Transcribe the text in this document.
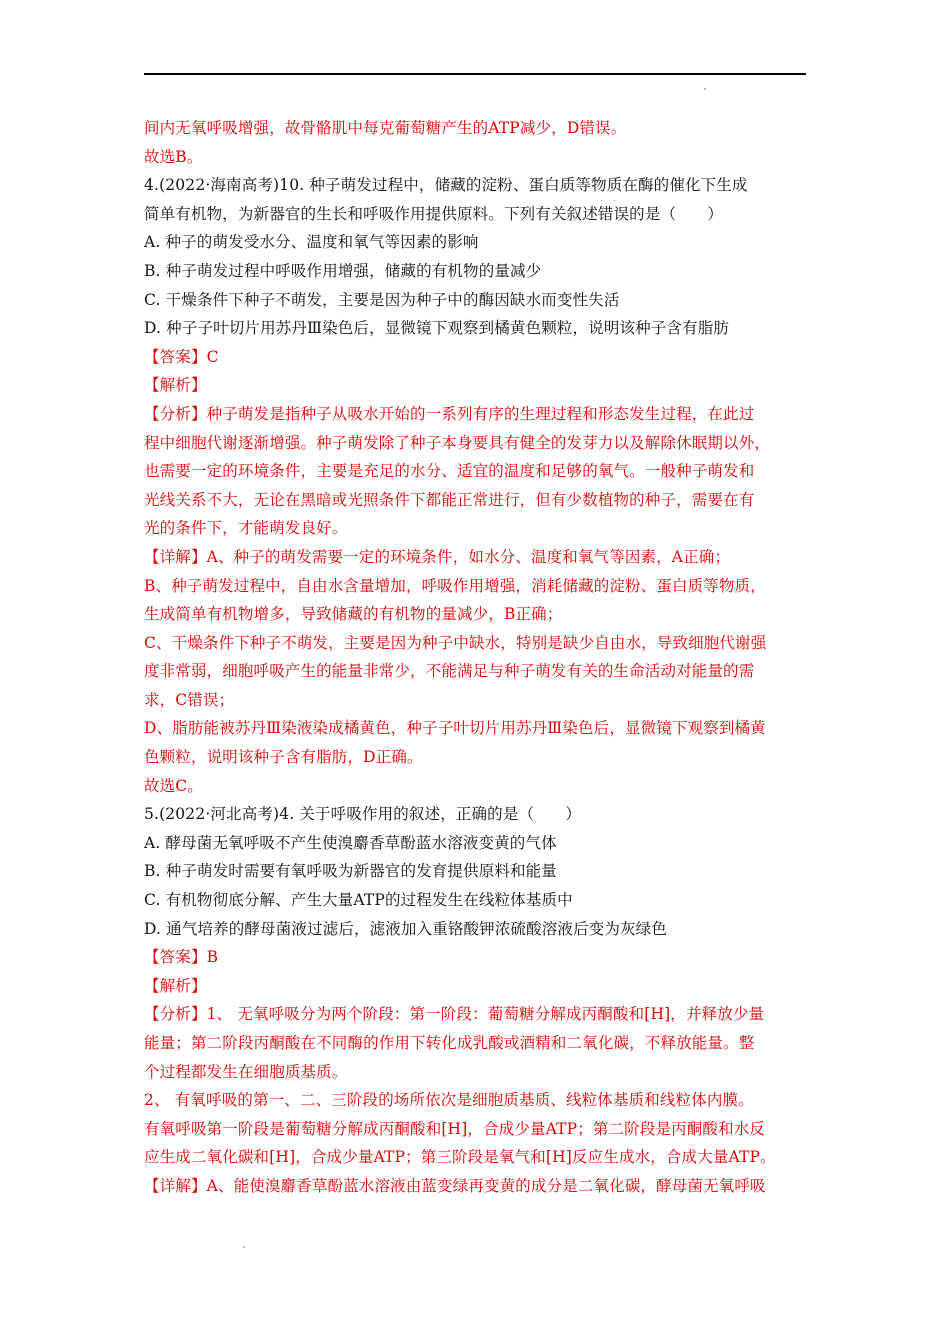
间内无氧呼吸增强，故骨骼肌中每克葡萄糖产生的ATP减少，D错误。
故选B。
4.(2022·海南高考)10. 种子萌发过程中，储藏的淀粉、蛋白质等物质在酶的催化下生成
简单有机物，为新器官的生长和呼吸作用提供原料。下列有关叙述错误 · ·的是（　　）
A. 种子的萌发受水分、温度和氧气等因素的影响
B. 种子萌发过程中呼吸作用增强，储藏的有机物的量减少
C. 干燥条件下种子不萌发，主要是因为种子中的酶因缺水而变性失活
D. 种子子叶切片用苏丹Ⅲ染色后，显微镜下观察到橘黄色颗粒，说明该种子含有脂肪
【答案】C
【解析】
【分析】种子萌发是指种子从吸水开始的一系列有序的生理过程和形态发生过程，在此过
程中细胞代谢逐渐增强。种子萌发除了种子本身要具有健全的发芽力以及解除休眠期以外，
也需要一定的环境条件，主要是充足的水分、适宜的温度和足够的氧气。一般种子萌发和
光线关系不大，无论在黑暗或光照条件下都能正常进行，但有少数植物的种子，需要在有
光的条件下，才能萌发良好。
【详解】A、种子的萌发需要一定的环境条件，如水分、温度和氧气等因素，A正确；
B、种子萌发过程中，自由水含量增加，呼吸作用增强，消耗储藏的淀粉、蛋白质等物质，
生成简单有机物增多，导致储藏的有机物的量减少，B正确；
C、干燥条件下种子不萌发，主要是因为种子中缺水，特别是缺少自由水，导致细胞代谢强
度非常弱，细胞呼吸产生的能量非常少，不能满足与种子萌发有关的生命活动对能量的需
求，C错误；
D、脂肪能被苏丹Ⅲ染液染成橘黄色，种子子叶切片用苏丹Ⅲ染色后，显微镜下观察到橘黄
色颗粒，说明该种子含有脂肪，D正确。
故选C。
5.(2022·河北高考)4. 关于呼吸作用的叙述，正确的是（　　）
A. 酵母菌无氧呼吸不产生使溴麝香草酚蓝水溶液变黄的气体
B. 种子萌发时需要有氧呼吸为新器官的发育提供原料和能量
C. 有机物彻底分解、产生大量ATP的过程发生在线粒体基质中
D. 通气培养的酵母菌液过滤后，滤液加入重铬酸钾浓硫酸溶液后变为灰绿色
【答案】B
【解析】
【分析】1、 无氧呼吸分为两个阶段：第一阶段：葡萄糖分解成丙酮酸和[H]，并释放少量
能量；第二阶段丙酮酸在不同酶的作用下转化成乳酸或酒精和二氧化碳，不释放能量。整
个过程都发生在细胞质基质。
2、 有氧呼吸的第一、二、三阶段的场所依次是细胞质基质、线粒体基质和线粒体内膜。
有氧呼吸第一阶段是葡萄糖分解成丙酮酸和[H]，合成少量ATP；第二阶段是丙酮酸和水反
应生成二氧化碳和[H]，合成少量ATP；第三阶段是氧气和[H]反应生成水，合成大量ATP。
【详解】A、能使溴麝香草酚蓝水溶液由蓝变绿再变黄的成分是二氧化碳，酵母菌无氧呼吸
